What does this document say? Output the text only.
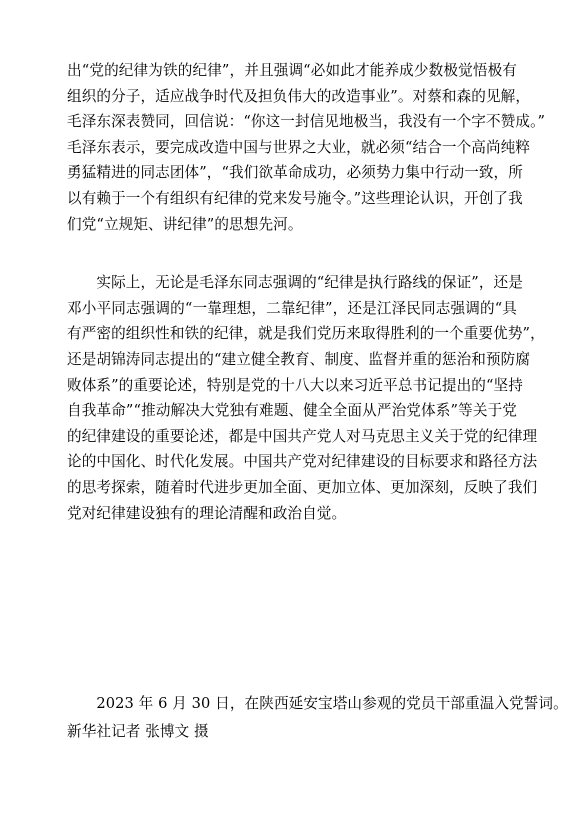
出“党的纪律为铁的纪律”，并且强调“必如此才能养成少数极觉悟极有
组织的分子，适应战争时代及担负伟大的改造事业”。对蔡和森的见解，
毛泽东深表赞同，回信说：“你这一封信见地极当，我没有一个字不赞成。”
毛泽东表示，要完成改造中国与世界之大业，就必须“结合一个高尚纯粹
勇猛精进的同志团体”，“我们欲革命成功，必须势力集中行动一致，所
以有赖于一个有组织有纪律的党来发号施令。”这些理论认识，开创了我
们党“立规矩、讲纪律”的思想先河。
　　实际上，无论是毛泽东同志强调的“纪律是执行路线的保证”，还是
邓小平同志强调的“一靠理想，二靠纪律”，还是江泽民同志强调的“具
有严密的组织性和铁的纪律，就是我们党历来取得胜利的一个重要优势”，
还是胡锦涛同志提出的“建立健全教育、制度、监督并重的惩治和预防腐
败体系”的重要论述，特别是党的十八大以来习近平总书记提出的“坚持
自我革命”“推动解决大党独有难题、健全全面从严治党体系”等关于党
的纪律建设的重要论述，都是中国共产党人对马克思主义关于党的纪律理
论的中国化、时代化发展。中国共产党对纪律建设的目标要求和路径方法
的思考探索，随着时代进步更加全面、更加立体、更加深刻，反映了我们
党对纪律建设独有的理论清醒和政治自觉。
　　2023 年 6 月 30 日，在陕西延安宝塔山参观的党员干部重温入党誓词。
新华社记者 张博文 摄
